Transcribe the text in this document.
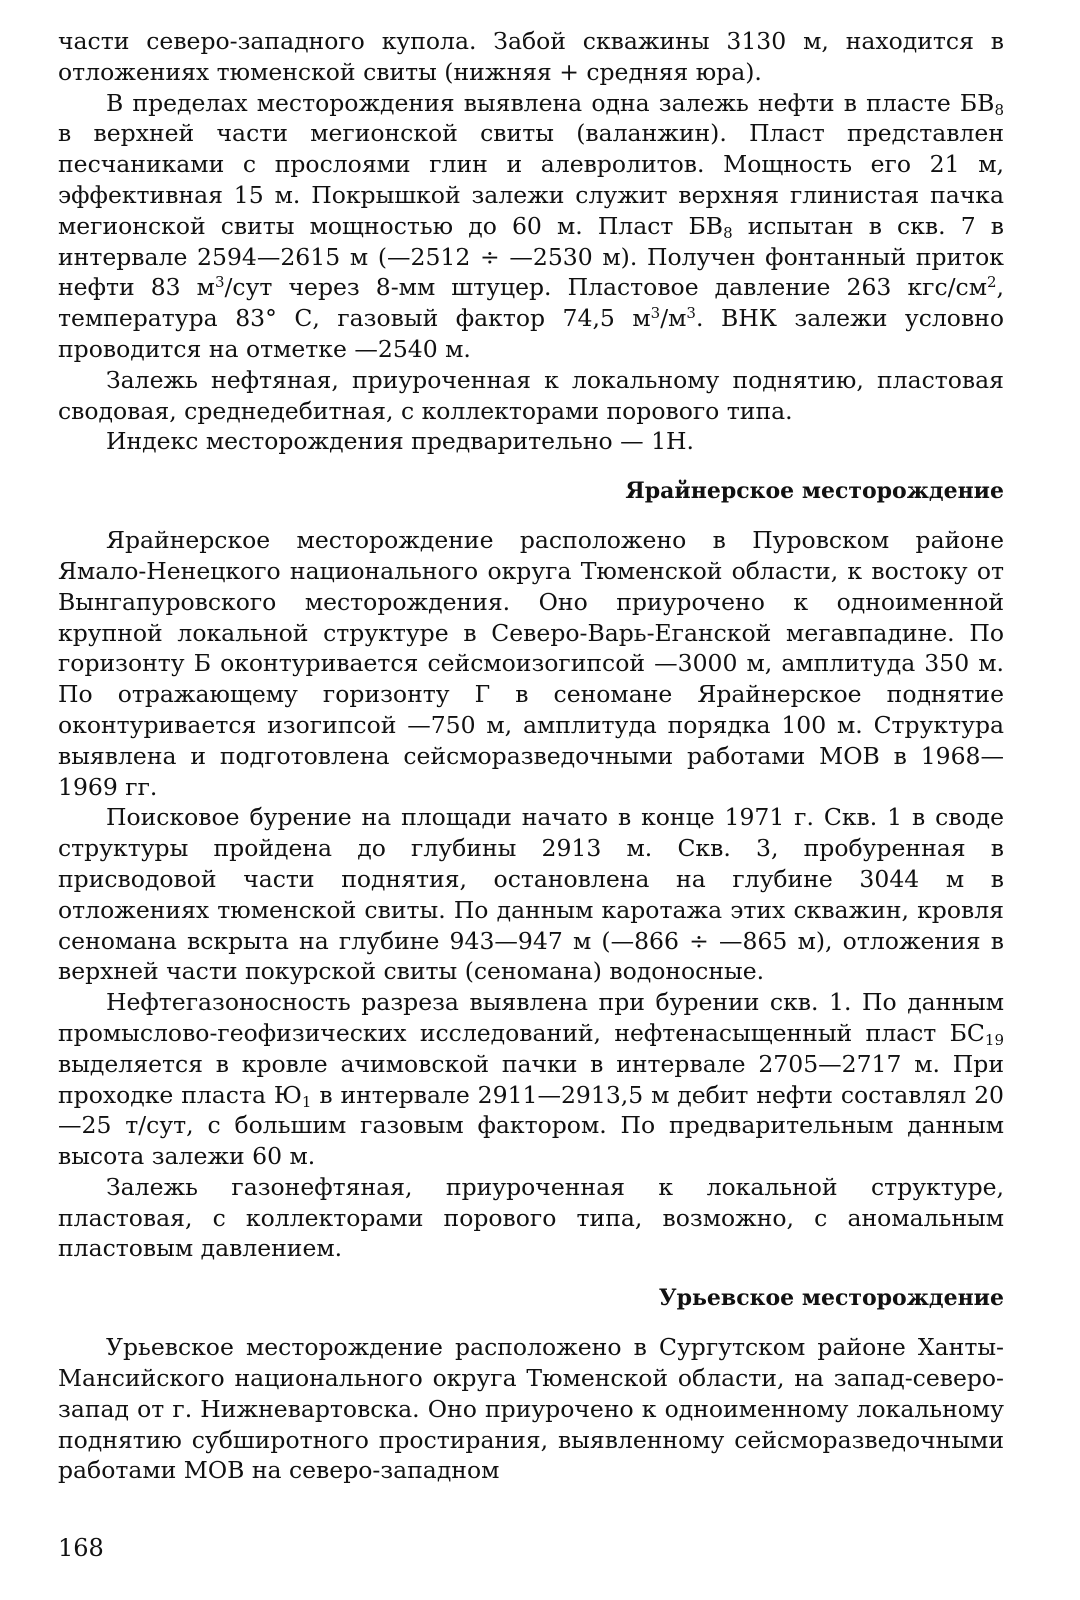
части северо-западного купола. Забой скважины 3130 м, находится в отложениях тюменской свиты (нижняя + средняя юра).

В пределах месторождения выявлена одна залежь нефти в пласте $БВ_8$ в верхней части мегионской свиты (валанжин). Пласт представлен песчаниками с прослоями глин и алевролитов. Мощность его 21 м, эффективная 15 м. Покрышкой залежи служит верхняя глинистая пачка мегионской свиты мощностью до 60 м. Пласт $БВ_8$ испытан в скв. 7 в интервале 2594—2615 м (—2512 ÷ —2530 м). Получен фонтанный приток нефти 83 $м^3$/сут через 8-мм штуцер. Пластовое давление 263 кгс/$см^2$, температура 83° С, газовый фактор 74,5 $м^3/м^3$. ВНК залежи условно проводится на отметке —2540 м.

Залежь нефтяная, приуроченная к локальному поднятию, пластовая сводовая, среднедебитная, с коллекторами порового типа.

Индекс месторождения предварительно — 1Н.

Ярайнерское месторождение

Ярайнерское месторождение расположено в Пуровском районе Ямало-Ненецкого национального округа Тюменской области, к востоку от Вынгапуровского месторождения. Оно приурочено к одноименной крупной локальной структуре в Северо-Варь-Еганской мегавпадине. По горизонту Б оконтуривается сейсмоизогипсой —3000 м, амплитуда 350 м. По отражающему горизонту Г в сеномане Ярайнерское поднятие оконтуривается изогипсой —750 м, амплитуда порядка 100 м. Структура выявлена и подготовлена сейсморазведочными работами МОВ в 1968—1969 гг.

Поисковое бурение на площади начато в конце 1971 г. Скв. 1 в своде структуры пройдена до глубины 2913 м. Скв. 3, пробуренная в присводовой части поднятия, остановлена на глубине 3044 м в отложениях тюменской свиты. По данным каротажа этих скважин, кровля сеномана вскрыта на глубине 943—947 м (—866 ÷ —865 м), отложения в верхней части покурской свиты (сеномана) водоносные.

Нефтегазоносность разреза выявлена при бурении скв. 1. По данным промыслово-геофизических исследований, нефтенасыщенный пласт $БС_{19}$ выделяется в кровле ачимовской пачки в интервале 2705—2717 м. При проходке пласта $Ю_1$ в интервале 2911—2913,5 м дебит нефти составлял 20—25 т/сут, с большим газовым фактором. По предварительным данным высота залежи 60 м.

Залежь газонефтяная, приуроченная к локальной структуре, пластовая, с коллекторами порового типа, возможно, с аномальным пластовым давлением.

Урьевское месторождение

Урьевское месторождение расположено в Сургутском районе Ханты-Мансийского национального округа Тюменской области, на запад-северо-запад от г. Нижневартовска. Оно приурочено к одноименному локальному поднятию субширотного простирания, выявленному сейсморазведочными работами МОВ на северо-западном

168
